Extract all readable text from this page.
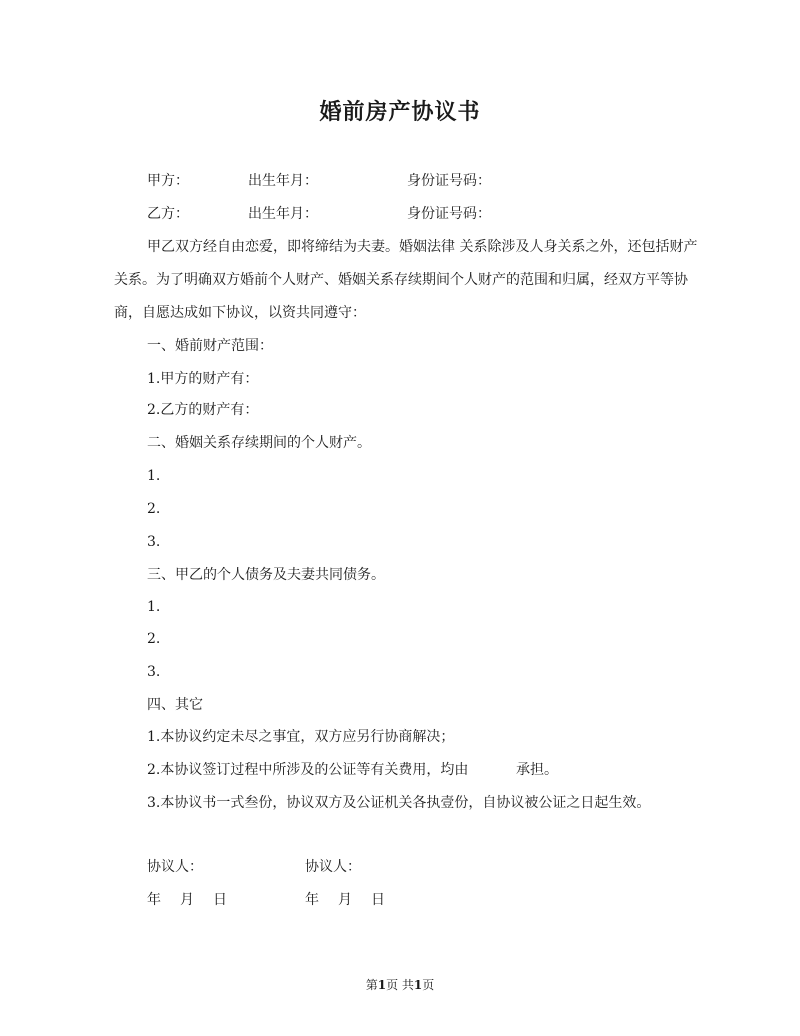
婚前房产协议书
甲方：	出生年月：	身份证号码：
乙方：	出生年月：	身份证号码：
甲乙双方经自由恋爱，即将缔结为夫妻。婚姻法律 关系除涉及人身关系之外，还包括财产
关系。为了明确双方婚前个人财产、婚姻关系存续期间个人财产的范围和归属，经双方平等协
商，自愿达成如下协议，以资共同遵守：
一、婚前财产范围：
1.甲方的财产有：
2.乙方的财产有：
二、婚姻关系存续期间的个人财产。
1.
2.
3.
三、甲乙的个人债务及夫妻共同债务。
1.
2.
3.
四、其它
1.本协议约定未尽之事宜，双方应另行协商解决；
2.本协议签订过程中所涉及的公证等有关费用，均由	承担。
3.本协议书一式叁份，协议双方及公证机关各执壹份，自协议被公证之日起生效。
协议人：	协议人：
年 月 日	年 月 日
第1页 共1页
